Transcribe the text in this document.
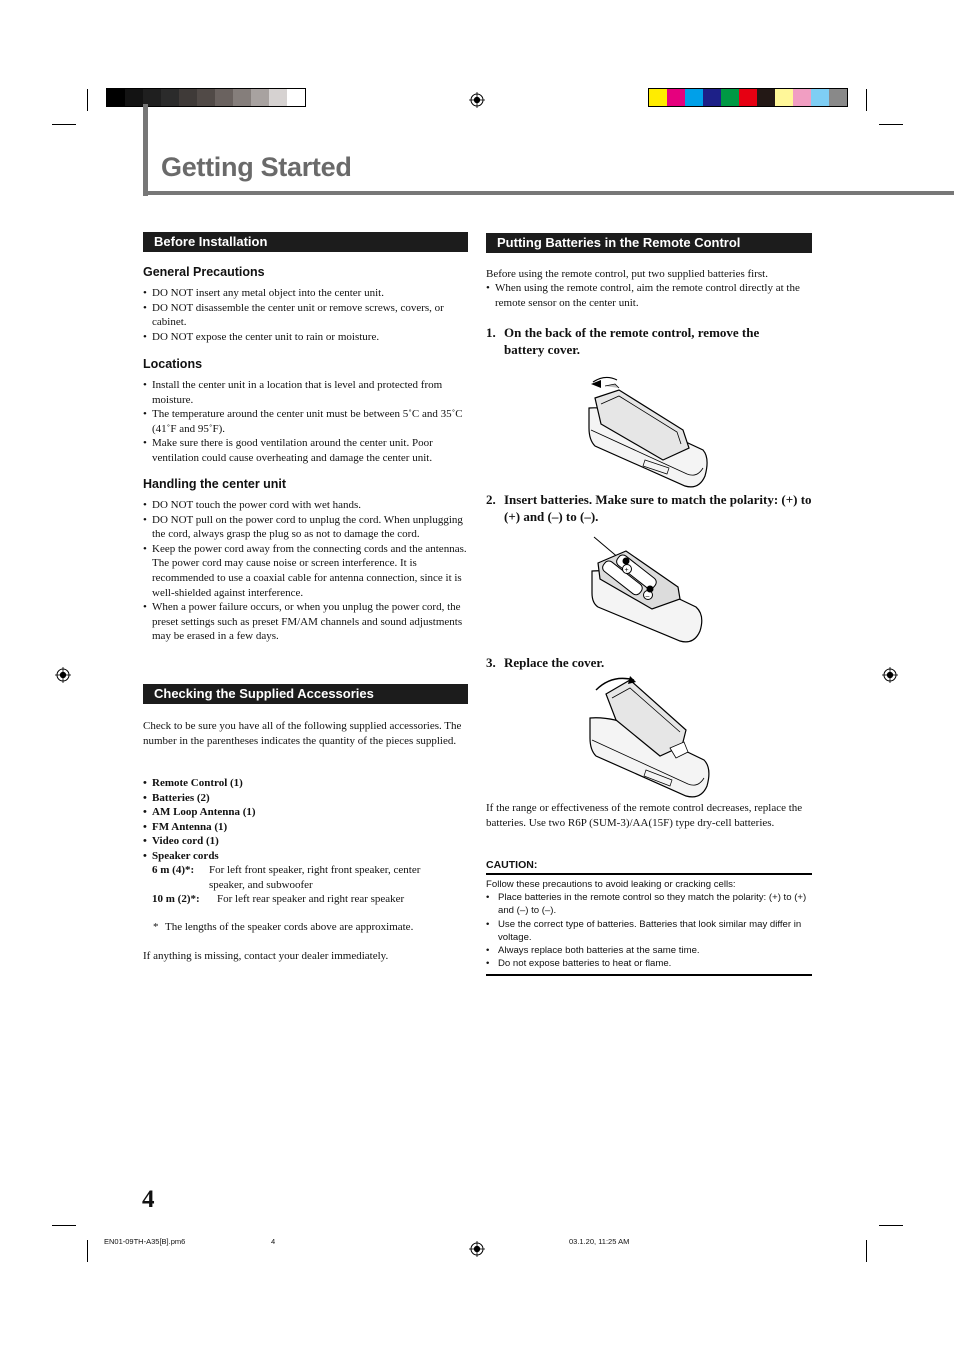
Getting Started
Before Installation
General Precautions
• DO NOT insert any metal object into the center unit.
• DO NOT disassemble the center unit or remove screws, covers, or cabinet.
• DO NOT expose the center unit to rain or moisture.
Locations
• Install the center unit in a location that is level and protected from moisture.
• The temperature around the center unit must be between 5˚C and 35˚C (41˚F and 95˚F).
• Make sure there is good ventilation around the center unit. Poor ventilation could cause overheating and damage the center unit.
Handling the center unit
• DO NOT touch the power cord with wet hands.
• DO NOT pull on the power cord to unplug the cord. When unplugging the cord, always grasp the plug so as not to damage the cord.
• Keep the power cord away from the connecting cords and the antennas. The power cord may cause noise or screen interference. It is recommended to use a coaxial cable for antenna connection, since it is well-shielded against interference.
• When a power failure occurs, or when you unplug the power cord, the preset settings such as preset FM/AM channels and sound adjustments may be erased in a few days.
Checking the Supplied Accessories
Check to be sure you have all of the following supplied accessories. The number in the parentheses indicates the quantity of the pieces supplied.
• Remote Control (1)
• Batteries (2)
• AM Loop Antenna (1)
• FM Antenna (1)
• Video cord (1)
• Speaker cords
6 m (4)*: For left front speaker, right front speaker, center speaker, and subwoofer
10 m (2)*: For left rear speaker and right rear speaker
* The lengths of the speaker cords above are approximate.
If anything is missing, contact your dealer immediately.
Putting Batteries in the Remote Control
Before using the remote control, put two supplied batteries first.
• When using the remote control, aim the remote control directly at the remote sensor on the center unit.
1. On the back of the remote control, remove the battery cover.
2. Insert batteries. Make sure to match the polarity: (+) to (+) and (–) to (–).
+
–
3. Replace the cover.
If the range or effectiveness of the remote control decreases, replace the batteries. Use two R6P (SUM-3)/AA(15F) type dry-cell batteries.
CAUTION:
Follow these precautions to avoid leaking or cracking cells:
• Place batteries in the remote control so they match the polarity: (+) to (+) and (–) to (–).
• Use the correct type of batteries. Batteries that look similar may differ in voltage.
• Always replace both batteries at the same time.
• Do not expose batteries to heat or flame.
4
EN01-09TH-A35[B].pm6	4	03.1.20, 11:25 AM
